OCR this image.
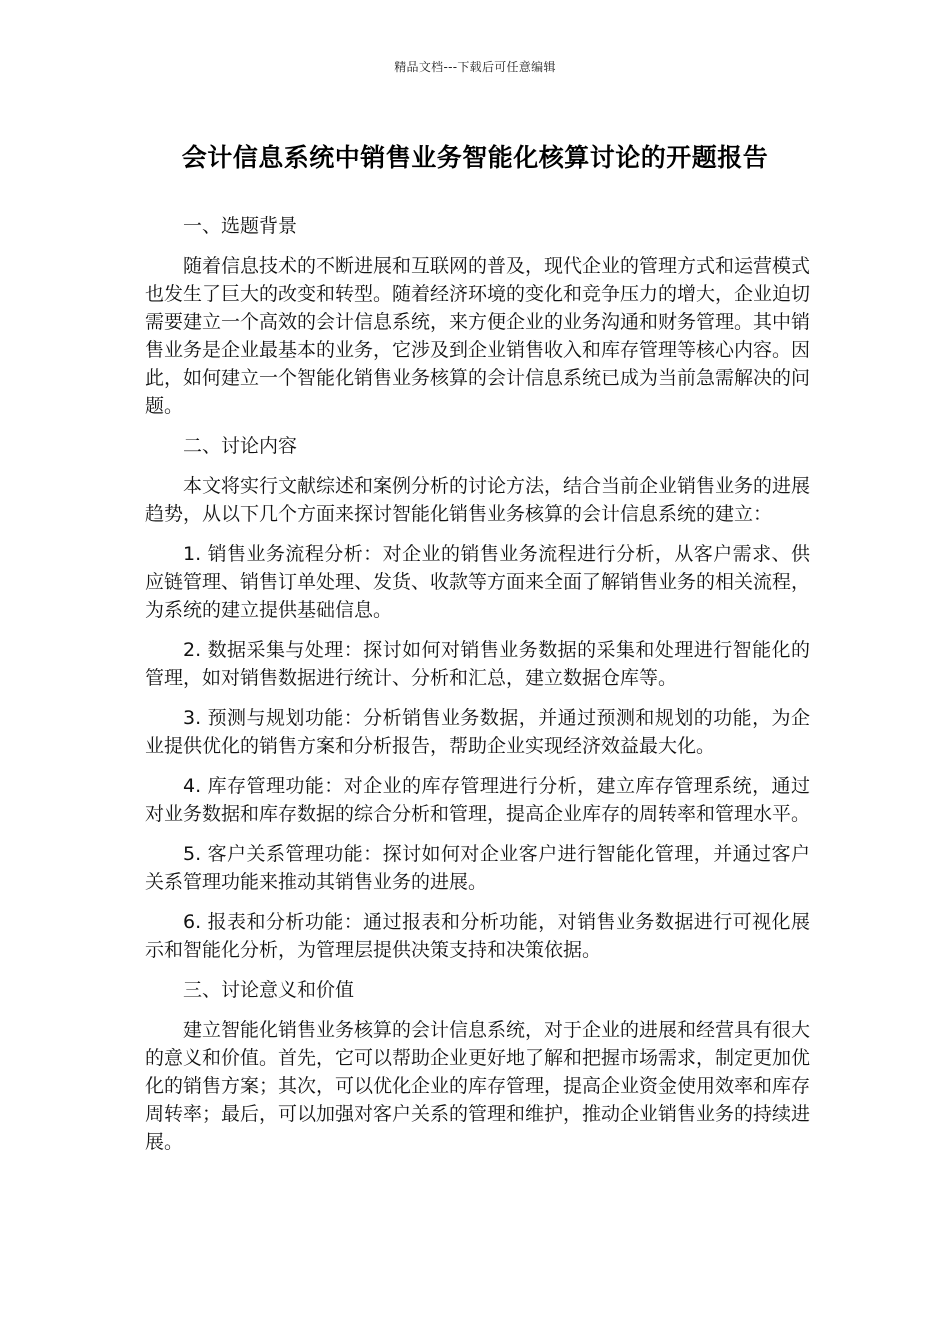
精品文档---下载后可任意编辑
会计信息系统中销售业务智能化核算讨论的开题报告

一、选题背景

随着信息技术的不断进展和互联网的普及，现代企业的管理方式和运营模式也发生了巨大的改变和转型。随着经济环境的变化和竞争压力的增大，企业迫切需要建立一个高效的会计信息系统，来方便企业的业务沟通和财务管理。其中销售业务是企业最基本的业务，它涉及到企业销售收入和库存管理等核心内容。因此，如何建立一个智能化销售业务核算的会计信息系统已成为当前急需解决的问题。

二、讨论内容

本文将实行文献综述和案例分析的讨论方法，结合当前企业销售业务的进展趋势，从以下几个方面来探讨智能化销售业务核算的会计信息系统的建立：

1. 销售业务流程分析：对企业的销售业务流程进行分析，从客户需求、供应链管理、销售订单处理、发货、收款等方面来全面了解销售业务的相关流程，为系统的建立提供基础信息。

2. 数据采集与处理：探讨如何对销售业务数据的采集和处理进行智能化的管理，如对销售数据进行统计、分析和汇总，建立数据仓库等。

3. 预测与规划功能：分析销售业务数据，并通过预测和规划的功能，为企业提供优化的销售方案和分析报告，帮助企业实现经济效益最大化。

4. 库存管理功能：对企业的库存管理进行分析，建立库存管理系统，通过对业务数据和库存数据的综合分析和管理，提高企业库存的周转率和管理水平。

5. 客户关系管理功能：探讨如何对企业客户进行智能化管理，并通过客户关系管理功能来推动其销售业务的进展。

6. 报表和分析功能：通过报表和分析功能，对销售业务数据进行可视化展示和智能化分析，为管理层提供决策支持和决策依据。

三、讨论意义和价值

建立智能化销售业务核算的会计信息系统，对于企业的进展和经营具有很大的意义和价值。首先，它可以帮助企业更好地了解和把握市场需求，制定更加优化的销售方案；其次，可以优化企业的库存管理，提高企业资金使用效率和库存周转率；最后，可以加强对客户关系的管理和维护，推动企业销售业务的持续进展。
